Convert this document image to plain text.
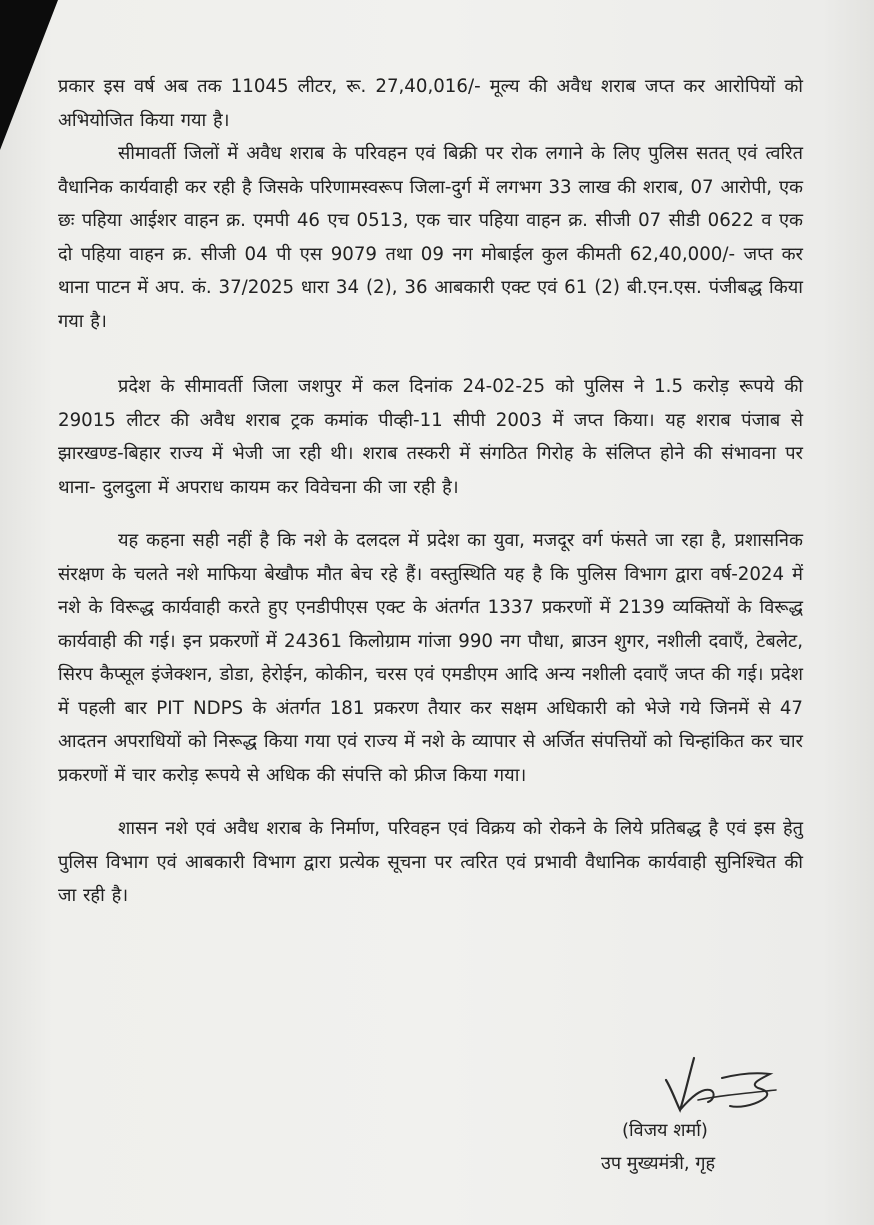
प्रकार इस वर्ष अब तक 11045 लीटर, रू. 27,40,016/- मूल्य की अवैध शराब जप्त कर आरोपियों को अभियोजित किया गया है।

सीमावर्ती जिलों में अवैध शराब के परिवहन एवं बिक्री पर रोक लगाने के लिए पुलिस सतत् एवं त्वरित वैधानिक कार्यवाही कर रही है जिसके परिणामस्वरूप जिला-दुर्ग में लगभग 33 लाख की शराब, 07 आरोपी, एक छः पहिया आईशर वाहन क्र. एमपी 46 एच 0513, एक चार पहिया वाहन क्र. सीजी 07 सीडी 0622 व एक दो पहिया वाहन क्र. सीजी 04 पी एस 9079 तथा 09 नग मोबाईल कुल कीमती 62,40,000/- जप्त कर थाना पाटन में अप. कं. 37/2025 धारा 34 (2), 36 आबकारी एक्ट एवं 61 (2) बी.एन.एस. पंजीबद्ध किया गया है।

प्रदेश के सीमावर्ती जिला जशपुर में कल दिनांक 24-02-25 को पुलिस ने 1.5 करोड़ रूपये की 29015 लीटर की अवैध शराब ट्रक कमांक पीव्ही-11 सीपी 2003 में जप्त किया। यह शराब पंजाब से झारखण्ड-बिहार राज्य में भेजी जा रही थी। शराब तस्करी में संगठित गिरोह के संलिप्त होने की संभावना पर थाना- दुलदुला में अपराध कायम कर विवेचना की जा रही है।

यह कहना सही नहीं है कि नशे के दलदल में प्रदेश का युवा, मजदूर वर्ग फंसते जा रहा है, प्रशासनिक संरक्षण के चलते नशे माफिया बेखौफ मौत बेच रहे हैं। वस्तुस्थिति यह है कि पुलिस विभाग द्वारा वर्ष-2024 में नशे के विरूद्ध कार्यवाही करते हुए एनडीपीएस एक्ट के अंतर्गत 1337 प्रकरणों में 2139 व्यक्तियों के विरूद्ध कार्यवाही की गई। इन प्रकरणों में 24361 किलोग्राम गांजा 990 नग पौधा, ब्राउन शुगर, नशीली दवाएँ, टेबलेट, सिरप कैप्सूल इंजेक्शन, डोडा, हेरोईन, कोकीन, चरस एवं एमडीएम आदि अन्य नशीली दवाएँ जप्त की गई। प्रदेश में पहली बार PIT NDPS के अंतर्गत 181 प्रकरण तैयार कर सक्षम अधिकारी को भेजे गये जिनमें से 47 आदतन अपराधियों को निरूद्ध किया गया एवं राज्य में नशे के व्यापार से अर्जित संपत्तियों को चिन्हांकित कर चार प्रकरणों में चार करोड़ रूपये से अधिक की संपत्ति को फ्रीज किया गया।

शासन नशे एवं अवैध शराब के निर्माण, परिवहन एवं विक्रय को रोकने के लिये प्रतिबद्ध है एवं इस हेतु पुलिस विभाग एवं आबकारी विभाग द्वारा प्रत्येक सूचना पर त्वरित एवं प्रभावी वैधानिक कार्यवाही सुनिश्चित की जा रही है।

(विजय शर्मा)
उप मुख्यमंत्री, गृह
